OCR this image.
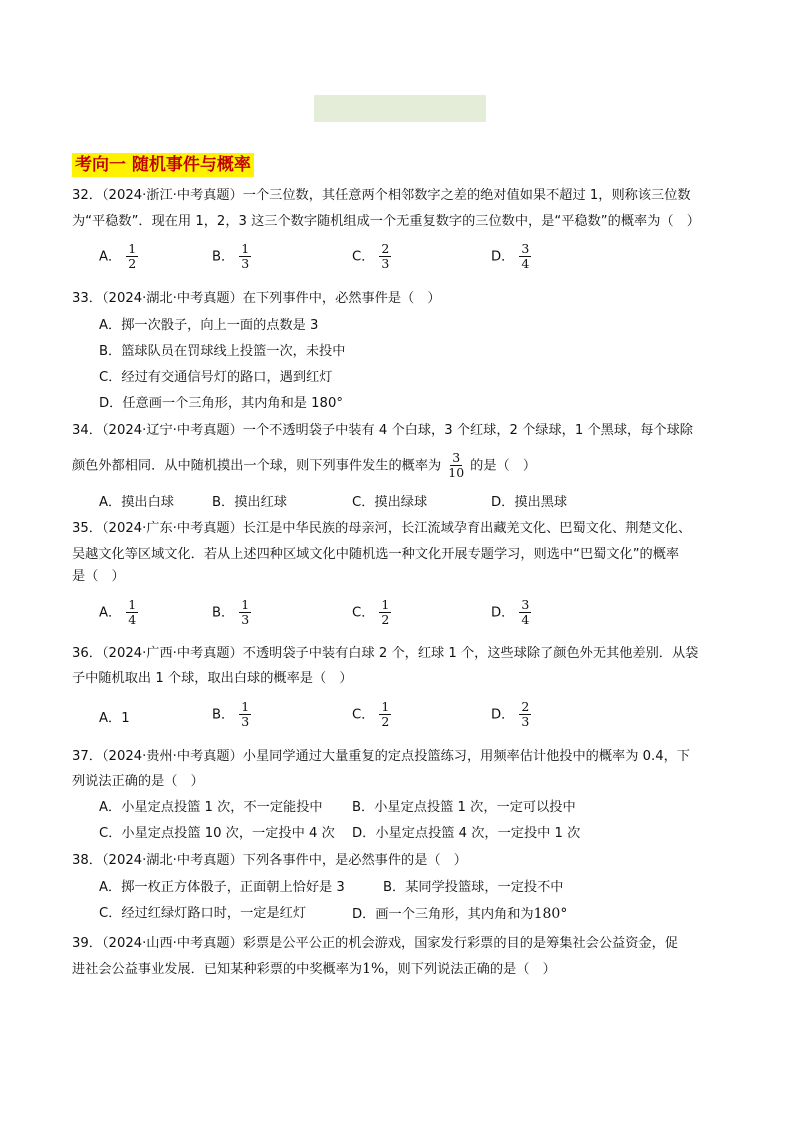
考向一 随机事件与概率
32．（2024·浙江·中考真题）一个三位数，其任意两个相邻数字之差的绝对值如果不超过 1，则称该三位数
为“平稳数”．现在用 1，2，3 这三个数字随机组成一个无重复数字的三位数中，是“平稳数”的概率为（　）
A． $\frac{1}{2}$	B． $\frac{1}{3}$	C． $\frac{2}{3}$	D． $\frac{3}{4}$
33．（2024·湖北·中考真题）在下列事件中，必然事件是（　）
A．掷一次骰子，向上一面的点数是 3
B．篮球队员在罚球线上投篮一次，未投中
C．经过有交通信号灯的路口，遇到红灯
D．任意画一个三角形，其内角和是 180°
34．（2024·辽宁·中考真题）一个不透明袋子中装有 4 个白球，3 个红球，2 个绿球，1 个黑球，每个球除
颜色外都相同．从中随机摸出一个球，则下列事件发生的概率为 $\frac{3}{10}$ 的是（　）
A．摸出白球	B．摸出红球	C．摸出绿球	D．摸出黑球
35．（2024·广东·中考真题）长江是中华民族的母亲河，长江流域孕育出藏羌文化、巴蜀文化、荆楚文化、
吴越文化等区域文化．若从上述四种区域文化中随机选一种文化开展专题学习，则选中“巴蜀文化”的概率
是（　）
A． $\frac{1}{4}$	B． $\frac{1}{3}$	C． $\frac{1}{2}$	D． $\frac{3}{4}$
36．（2024·广西·中考真题）不透明袋子中装有白球 2 个，红球 1 个，这些球除了颜色外无其他差别．从袋
子中随机取出 1 个球，取出白球的概率是（　）
A．1	B． $\frac{1}{3}$	C． $\frac{1}{2}$	D． $\frac{2}{3}$
37．（2024·贵州·中考真题）小星同学通过大量重复的定点投篮练习，用频率估计他投中的概率为 0.4，下
列说法正确的是（　）
A．小星定点投篮 1 次，不一定能投中 B．小星定点投篮 1 次，一定可以投中
C．小星定点投篮 10 次，一定投中 4 次 D．小星定点投篮 4 次，一定投中 1 次
38．（2024·湖北·中考真题）下列各事件中，是必然事件的是（　）
A．掷一枚正方体骰子，正面朝上恰好是 3	B．某同学投篮球，一定投不中
C．经过红绿灯路口时，一定是红灯	D．画一个三角形，其内角和为180°
39．（2024·山西·中考真题）彩票是公平公正的机会游戏，国家发行彩票的目的是筹集社会公益资金，促
进社会公益事业发展．已知某种彩票的中奖概率为1%，则下列说法正确的是（　）
